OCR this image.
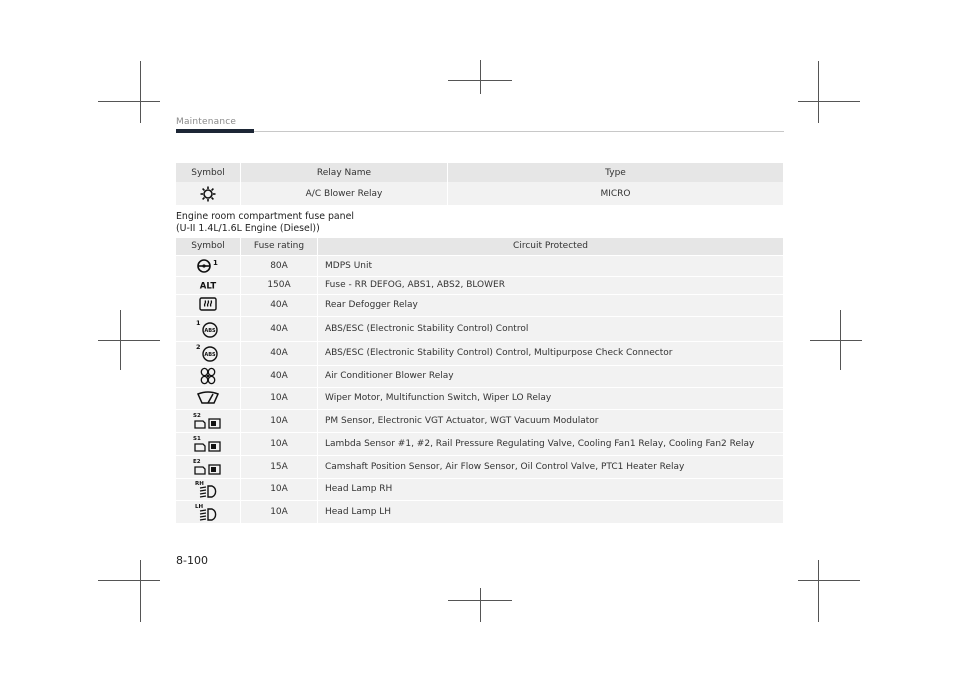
Maintenance
Symbol	Relay Name	Type

	A/C Blower Relay	MICRO
Engine room compartment fuse panel
(U-II 1.4L/1.6L Engine (Diesel))
Symbol	Fuse rating	Circuit Protected

1	80A	MDPS Unit

ALT	150A	Fuse - RR DEFOG, ABS1, ABS2, BLOWER

	40A	Rear Defogger Relay

1
ABS	40A	ABS/ESC (Electronic Stability Control) Control

2
ABS	40A	ABS/ESC (Electronic Stability Control) Control, Multipurpose Check Connector

	40A	Air Conditioner Blower Relay

	10A	Wiper Motor, Multifunction Switch, Wiper LO Relay

S2	10A	PM Sensor, Electronic VGT Actuator, WGT Vacuum Modulator

S1	10A	Lambda Sensor #1, #2, Rail Pressure Regulating Valve, Cooling Fan1 Relay, Cooling Fan2 Relay

E2	15A	Camshaft Position Sensor, Air Flow Sensor, Oil Control Valve, PTC1 Heater Relay

RH	10A	Head Lamp RH

LH	10A	Head Lamp LH
8-100
